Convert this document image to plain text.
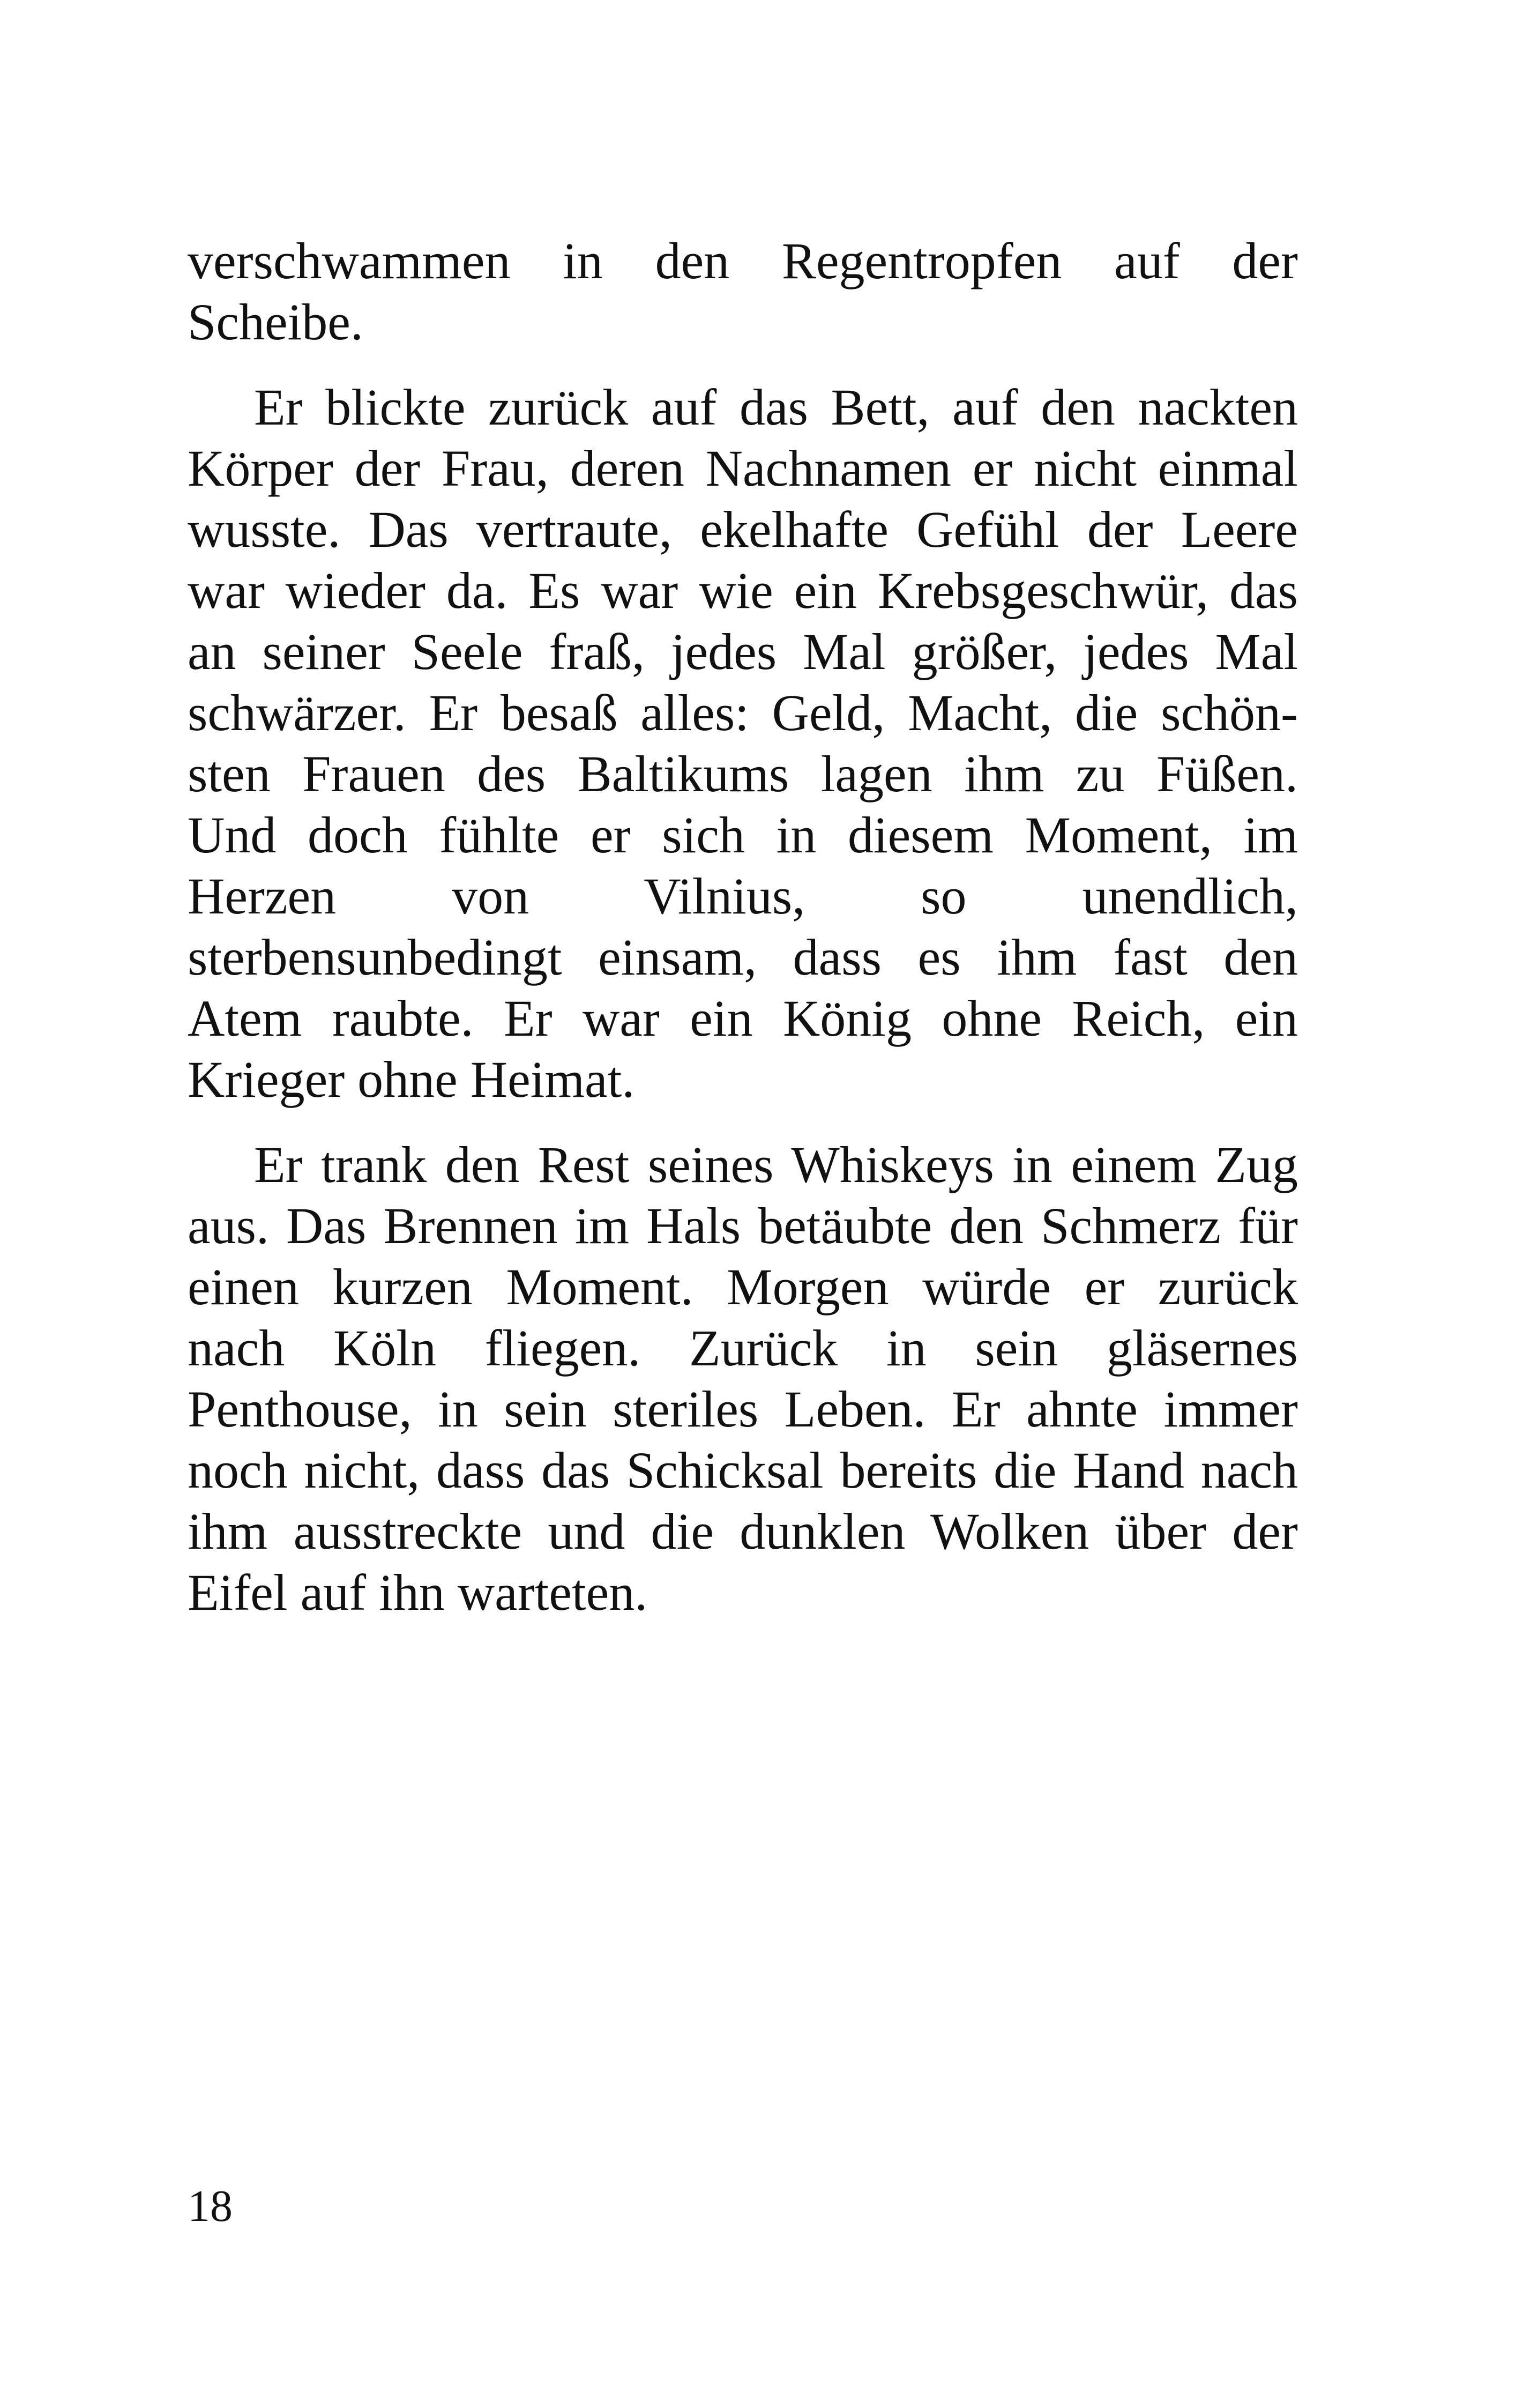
verschwammen in den Regentropfen auf der
Scheibe.
Er blickte zurück auf das Bett, auf den nackten
Körper der Frau, deren Nachnamen er nicht einmal
wusste. Das vertraute, ekelhafte Gefühl der Leere
war wieder da. Es war wie ein Krebsgeschwür, das
an seiner Seele fraß, jedes Mal größer, jedes Mal
schwärzer. Er besaß alles: Geld, Macht, die schön-
sten Frauen des Baltikums lagen ihm zu Füßen.
Und doch fühlte er sich in diesem Moment, im
Herzen von Vilnius, so unendlich,
sterbensunbedingt einsam, dass es ihm fast den
Atem raubte. Er war ein König ohne Reich, ein
Krieger ohne Heimat.
Er trank den Rest seines Whiskeys in einem Zug
aus. Das Brennen im Hals betäubte den Schmerz für
einen kurzen Moment. Morgen würde er zurück
nach Köln fliegen. Zurück in sein gläsernes
Penthouse, in sein steriles Leben. Er ahnte immer
noch nicht, dass das Schicksal bereits die Hand nach
ihm ausstreckte und die dunklen Wolken über der
Eifel auf ihn warteten.
18
